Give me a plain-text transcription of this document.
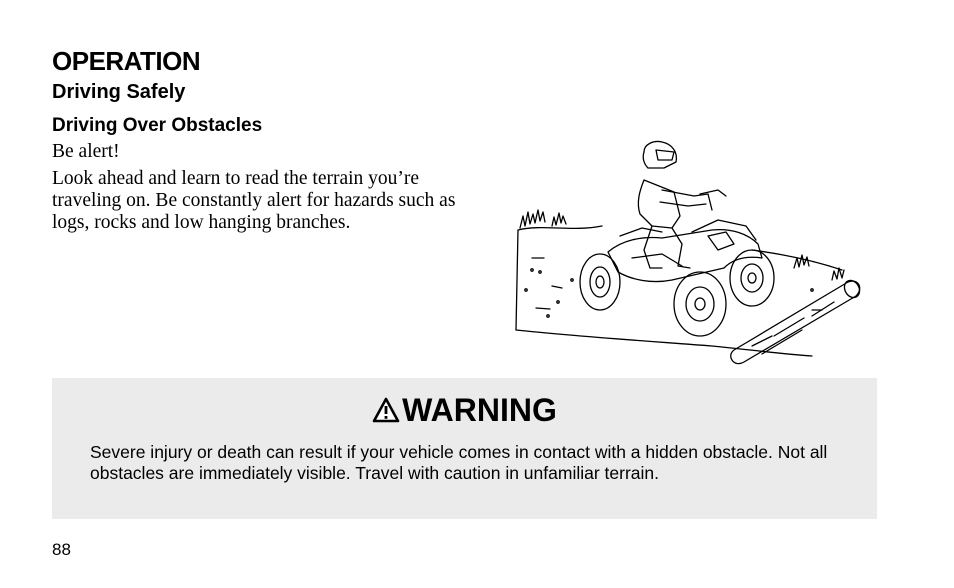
OPERATION
Driving Safely
Driving Over Obstacles

Be alert!

Look ahead and learn to read the terrain you’re traveling on. Be constantly alert for hazards such as logs, rocks and low hanging branches.

WARNING

Severe injury or death can result if your vehicle comes in contact with a hidden obstacle. Not all obstacles are immediately visible. Travel with caution in unfamiliar terrain.

88
